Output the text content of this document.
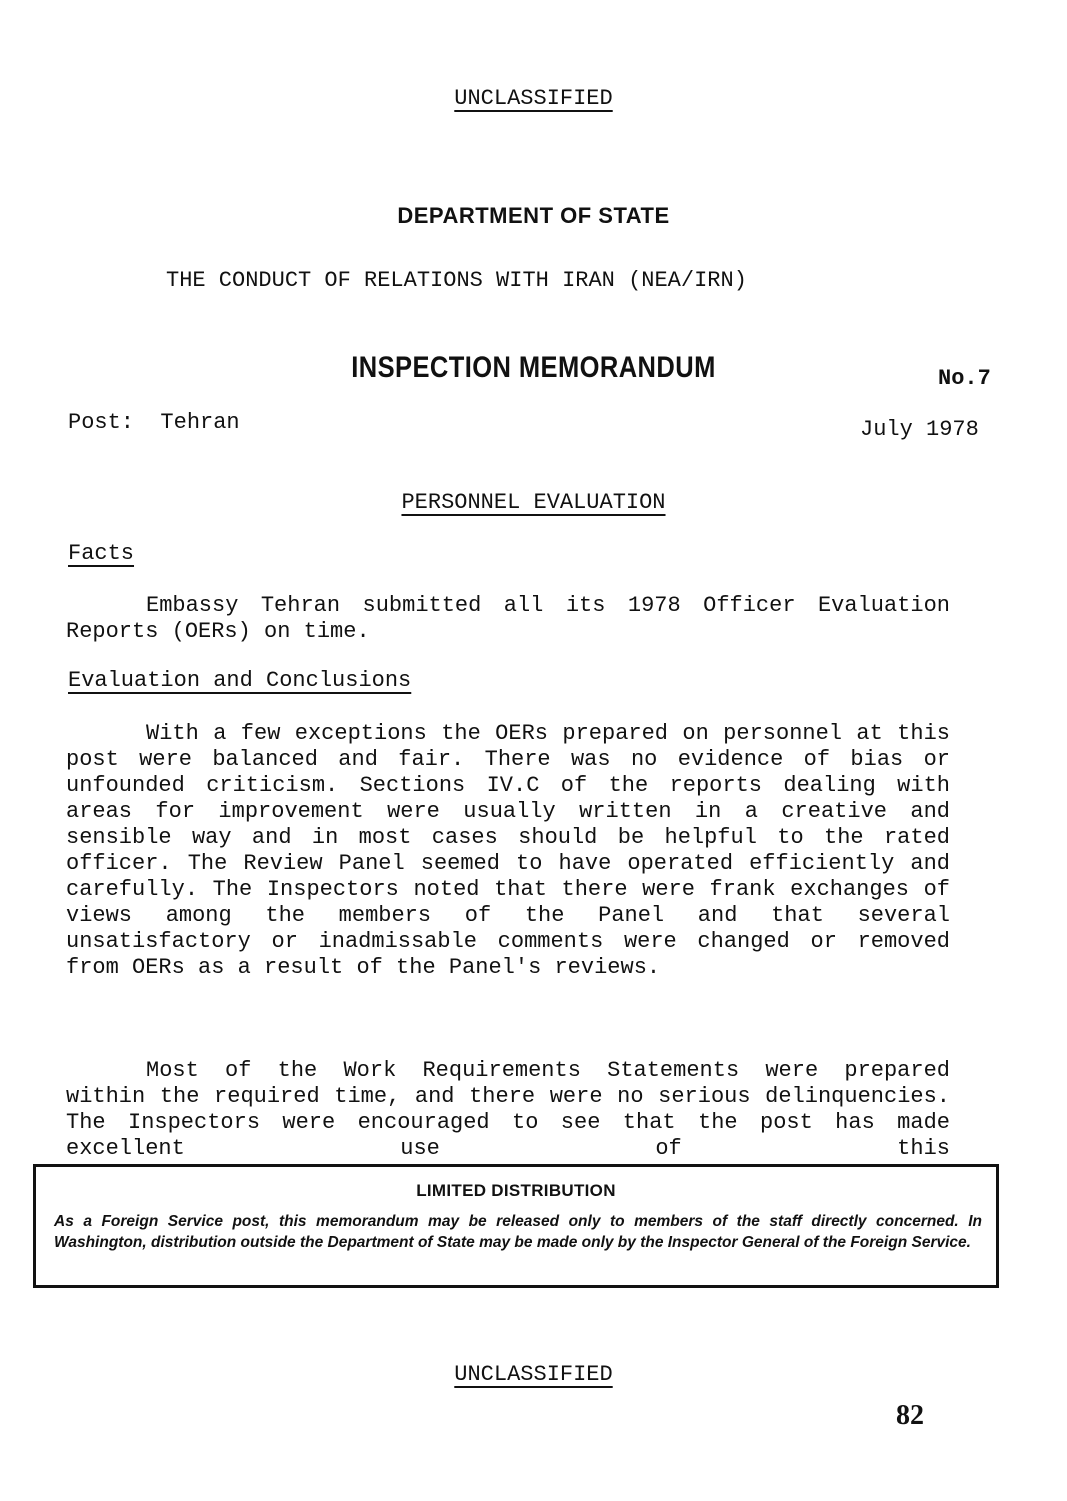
UNCLASSIFIED
DEPARTMENT OF STATE
THE CONDUCT OF RELATIONS WITH IRAN (NEA/IRN)
INSPECTION MEMORANDUM	No.7
Post:  Tehran	July 1978
PERSONNEL EVALUATION
Facts
Embassy Tehran submitted all its 1978 Officer Evaluation Reports (OERs) on time.
Evaluation and Conclusions
With a few exceptions the OERs prepared on personnel at this post were balanced and fair. There was no evidence of bias or unfounded criticism. Sections IV.C of the reports dealing with areas for improvement were usually written in a creative and sensible way and in most cases should be helpful to the rated officer. The Review Panel seemed to have operated efficiently and carefully. The Inspectors noted that there were frank exchanges of views among the members of the Panel and that several unsatisfactory or inadmissable comments were changed or removed from OERs as a result of the Panel's reviews.
Most of the Work Requirements Statements were prepared within the required time, and there were no serious delinquencies. The Inspectors were encouraged to see that the post has made excellent use of this
LIMITED DISTRIBUTION
As a Foreign Service post, this memorandum may be released only to members of the staff directly concerned. In Washington, distribution outside the Department of State may be made only by the Inspector General of the Foreign Service.
UNCLASSIFIED
82
